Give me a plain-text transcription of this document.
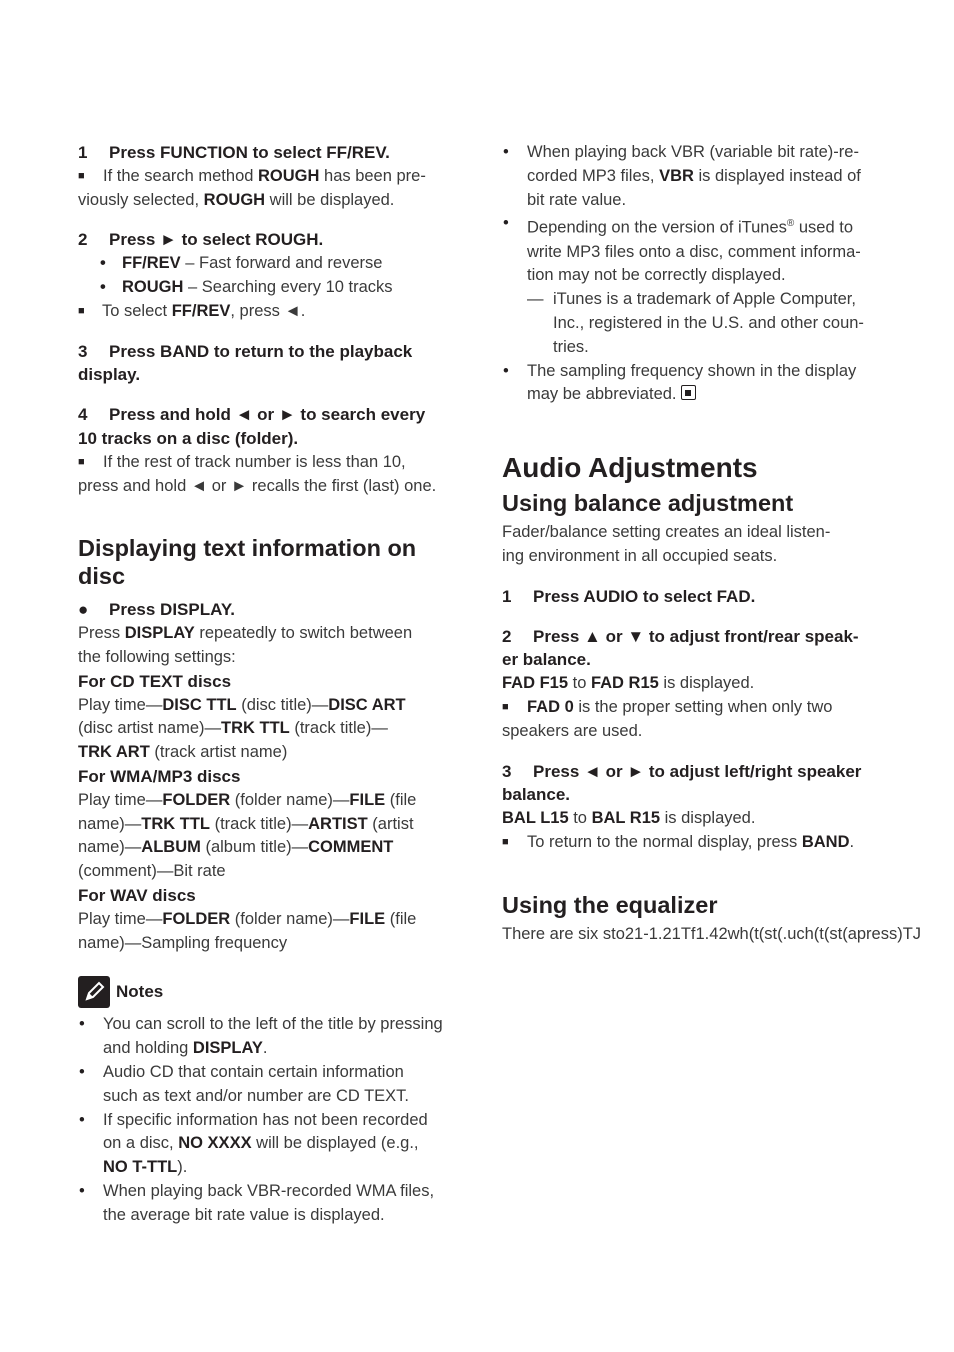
1 Press FUNCTION to select FF/REV.

■ If the search method ROUGH has been pre-

viously selected, ROUGH will be displayed.

2 Press ► to select ROUGH.

• FF/REV – Fast forward and reverse

• ROUGH – Searching every 10 tracks

■ To select FF/REV, press ◄.

3 Press BAND to return to the playback

display.

4 Press and hold ◄ or ► to search every

10 tracks on a disc (folder).

■ If the rest of track number is less than 10,

press and hold ◄ or ► recalls the first (last) one.

Displaying text information on
disc

● Press DISPLAY.

Press DISPLAY repeatedly to switch between

the following settings:

For CD TEXT discs

Play time—DISC TTL (disc title)—DISC ART

(disc artist name)—TRK TTL (track title)—

TRK ART (track artist name)

For WMA/MP3 discs

Play time—FOLDER (folder name)—FILE (file

name)—TRK TTL (track title)—ARTIST (artist

name)—ALBUM (album title)—COMMENT

(comment)—Bit rate

For WAV discs

Play time—FOLDER (folder name)—FILE (file

name)—Sampling frequency

Notes
• You can scroll to the left of the title by pressing
and holding DISPLAY.
• Audio CD that contain certain information
such as text and/or number are CD TEXT.
• If specific information has not been recorded
on a disc, NO XXXX will be displayed (e.g.,
NO T-TTL).
• When playing back VBR-recorded WMA files,
the average bit rate value is displayed.
• When playing back VBR (variable bit rate)-re-
corded MP3 files, VBR is displayed instead of
bit rate value.
• Depending on the version of iTunes® used to
write MP3 files onto a disc, comment informa-
tion may not be correctly displayed.
— iTunes is a trademark of Apple Computer,
Inc., registered in the U.S. and other coun-
tries.
• The sampling frequency shown in the display
may be abbreviated.
Audio Adjustments
Using balance adjustment

Fader/balance setting creates an ideal listen-

ing environment in all occupied seats.

1 Press AUDIO to select FAD.

2 Press ▲ or ▼ to adjust front/rear speak-

er balance.

FAD F15 to FAD R15 is displayed.

■ FAD 0 is the proper setting when only two

speakers are used.

3 Press ◄ or ► to adjust left/right speaker

balance.

BAL L15 to BAL R15 is displayed.

■ To return to the normal display, press BAND.

Using the equalizer

There are six sto21-1.21Tf1.42wh(t(st(.uch(t(st(apress)TJ
